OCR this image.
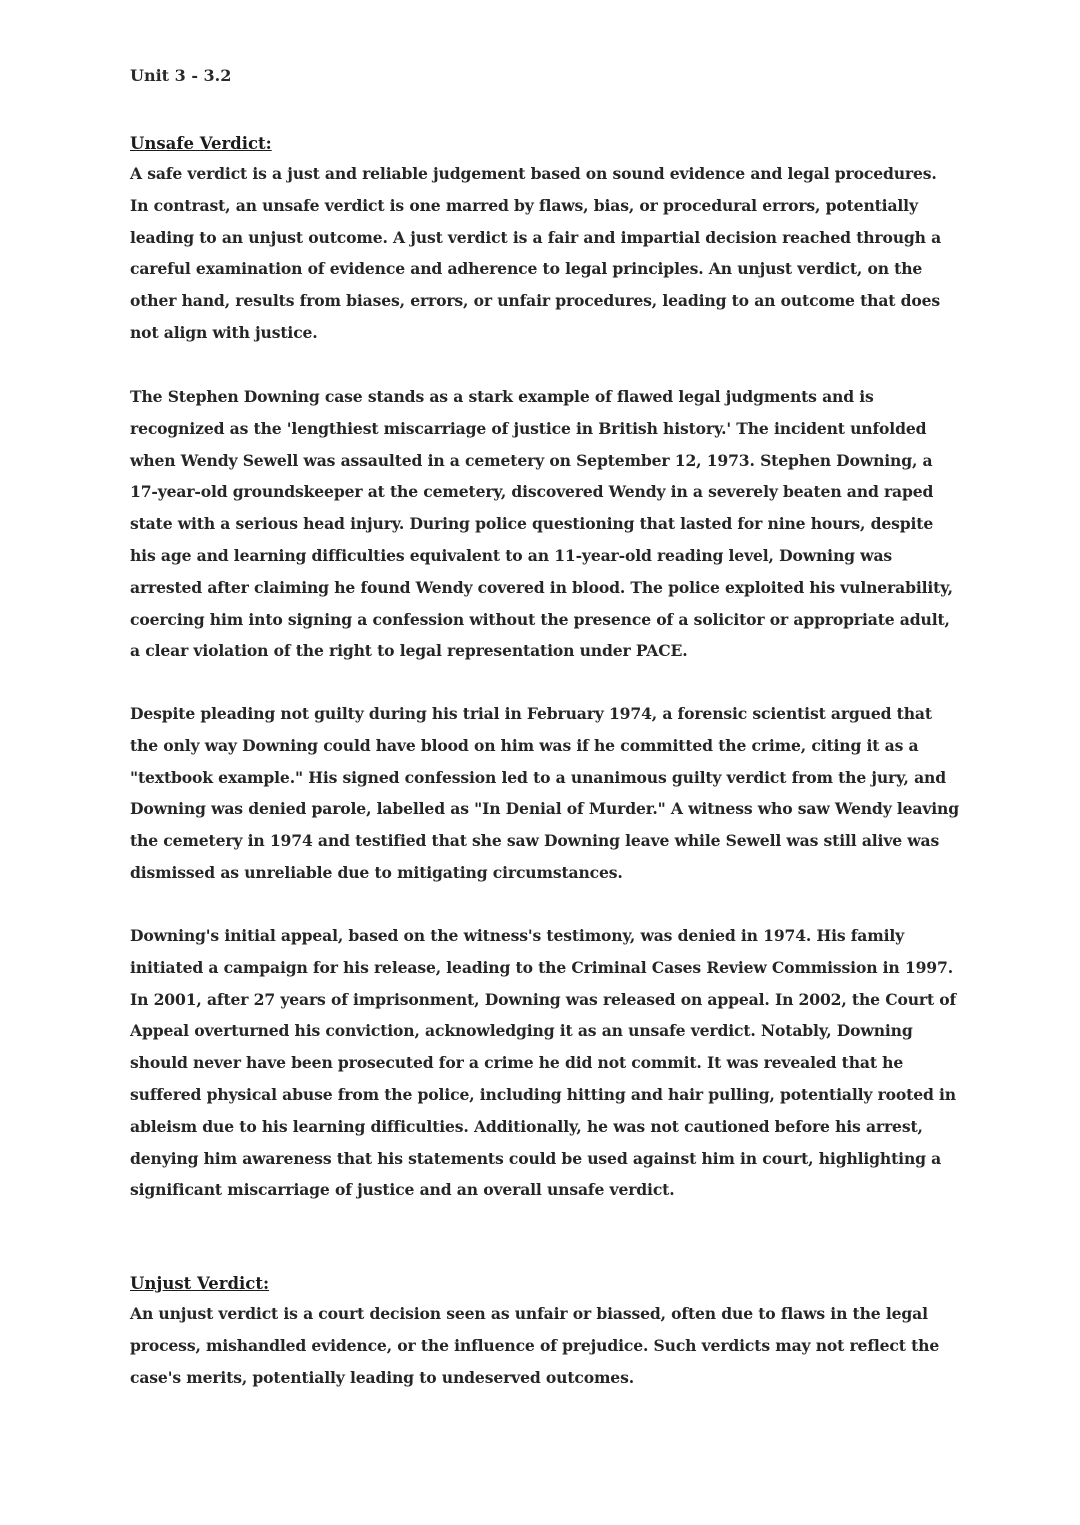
Unit 3 - 3.2

Unsafe Verdict:

A safe verdict is a just and reliable judgement based on sound evidence and legal procedures. In contrast, an unsafe verdict is one marred by flaws, bias, or procedural errors, potentially leading to an unjust outcome. A just verdict is a fair and impartial decision reached through a careful examination of evidence and adherence to legal principles. An unjust verdict, on the other hand, results from biases, errors, or unfair procedures, leading to an outcome that does not align with justice.

The Stephen Downing case stands as a stark example of flawed legal judgments and is recognized as the 'lengthiest miscarriage of justice in British history.' The incident unfolded when Wendy Sewell was assaulted in a cemetery on September 12, 1973. Stephen Downing, a 17-year-old groundskeeper at the cemetery, discovered Wendy in a severely beaten and raped state with a serious head injury. During police questioning that lasted for nine hours, despite his age and learning difficulties equivalent to an 11-year-old reading level, Downing was arrested after claiming he found Wendy covered in blood. The police exploited his vulnerability, coercing him into signing a confession without the presence of a solicitor or appropriate adult, a clear violation of the right to legal representation under PACE.

Despite pleading not guilty during his trial in February 1974, a forensic scientist argued that the only way Downing could have blood on him was if he committed the crime, citing it as a "textbook example." His signed confession led to a unanimous guilty verdict from the jury, and Downing was denied parole, labelled as "In Denial of Murder." A witness who saw Wendy leaving the cemetery in 1974 and testified that she saw Downing leave while Sewell was still alive was dismissed as unreliable due to mitigating circumstances.

Downing's initial appeal, based on the witness's testimony, was denied in 1974. His family initiated a campaign for his release, leading to the Criminal Cases Review Commission in 1997. In 2001, after 27 years of imprisonment, Downing was released on appeal. In 2002, the Court of Appeal overturned his conviction, acknowledging it as an unsafe verdict. Notably, Downing should never have been prosecuted for a crime he did not commit. It was revealed that he suffered physical abuse from the police, including hitting and hair pulling, potentially rooted in ableism due to his learning difficulties. Additionally, he was not cautioned before his arrest, denying him awareness that his statements could be used against him in court, highlighting a significant miscarriage of justice and an overall unsafe verdict.

Unjust Verdict:

An unjust verdict is a court decision seen as unfair or biassed, often due to flaws in the legal process, mishandled evidence, or the influence of prejudice. Such verdicts may not reflect the case's merits, potentially leading to undeserved outcomes.
